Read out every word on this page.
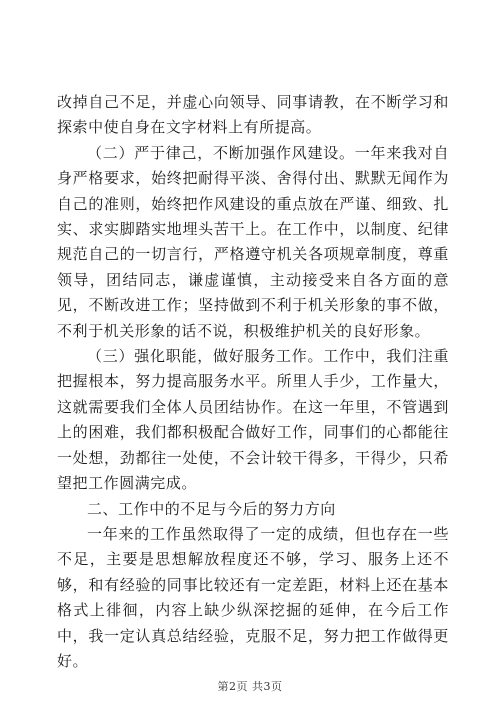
改掉自己不足，并虚心向领导、同事请教，在不断学习和探索中使自身在文字材料上有所提高。

（二）严于律己，不断加强作风建设。一年来我对自身严格要求，始终把耐得平淡、舍得付出、默默无闻作为自己的准则，始终把作风建设的重点放在严谨、细致、扎实、求实脚踏实地埋头苦干上。在工作中，以制度、纪律规范自己的一切言行，严格遵守机关各项规章制度，尊重领导，团结同志，谦虚谨慎，主动接受来自各方面的意见，不断改进工作；坚持做到不利于机关形象的事不做，不利于机关形象的话不说，积极维护机关的良好形象。

（三）强化职能，做好服务工作。工作中，我们注重把握根本，努力提高服务水平。所里人手少，工作量大，这就需要我们全体人员团结协作。在这一年里，不管遇到上的困难，我们都积极配合做好工作，同事们的心都能往一处想，劲都往一处使，不会计较干得多，干得少，只希望把工作圆满完成。

二、工作中的不足与今后的努力方向

一年来的工作虽然取得了一定的成绩，但也存在一些不足，主要是思想解放程度还不够，学习、服务上还不够，和有经验的同事比较还有一定差距，材料上还在基本格式上徘徊，内容上缺少纵深挖掘的延伸，在今后工作中，我一定认真总结经验，克服不足，努力把工作做得更好。

第2页 共3页
